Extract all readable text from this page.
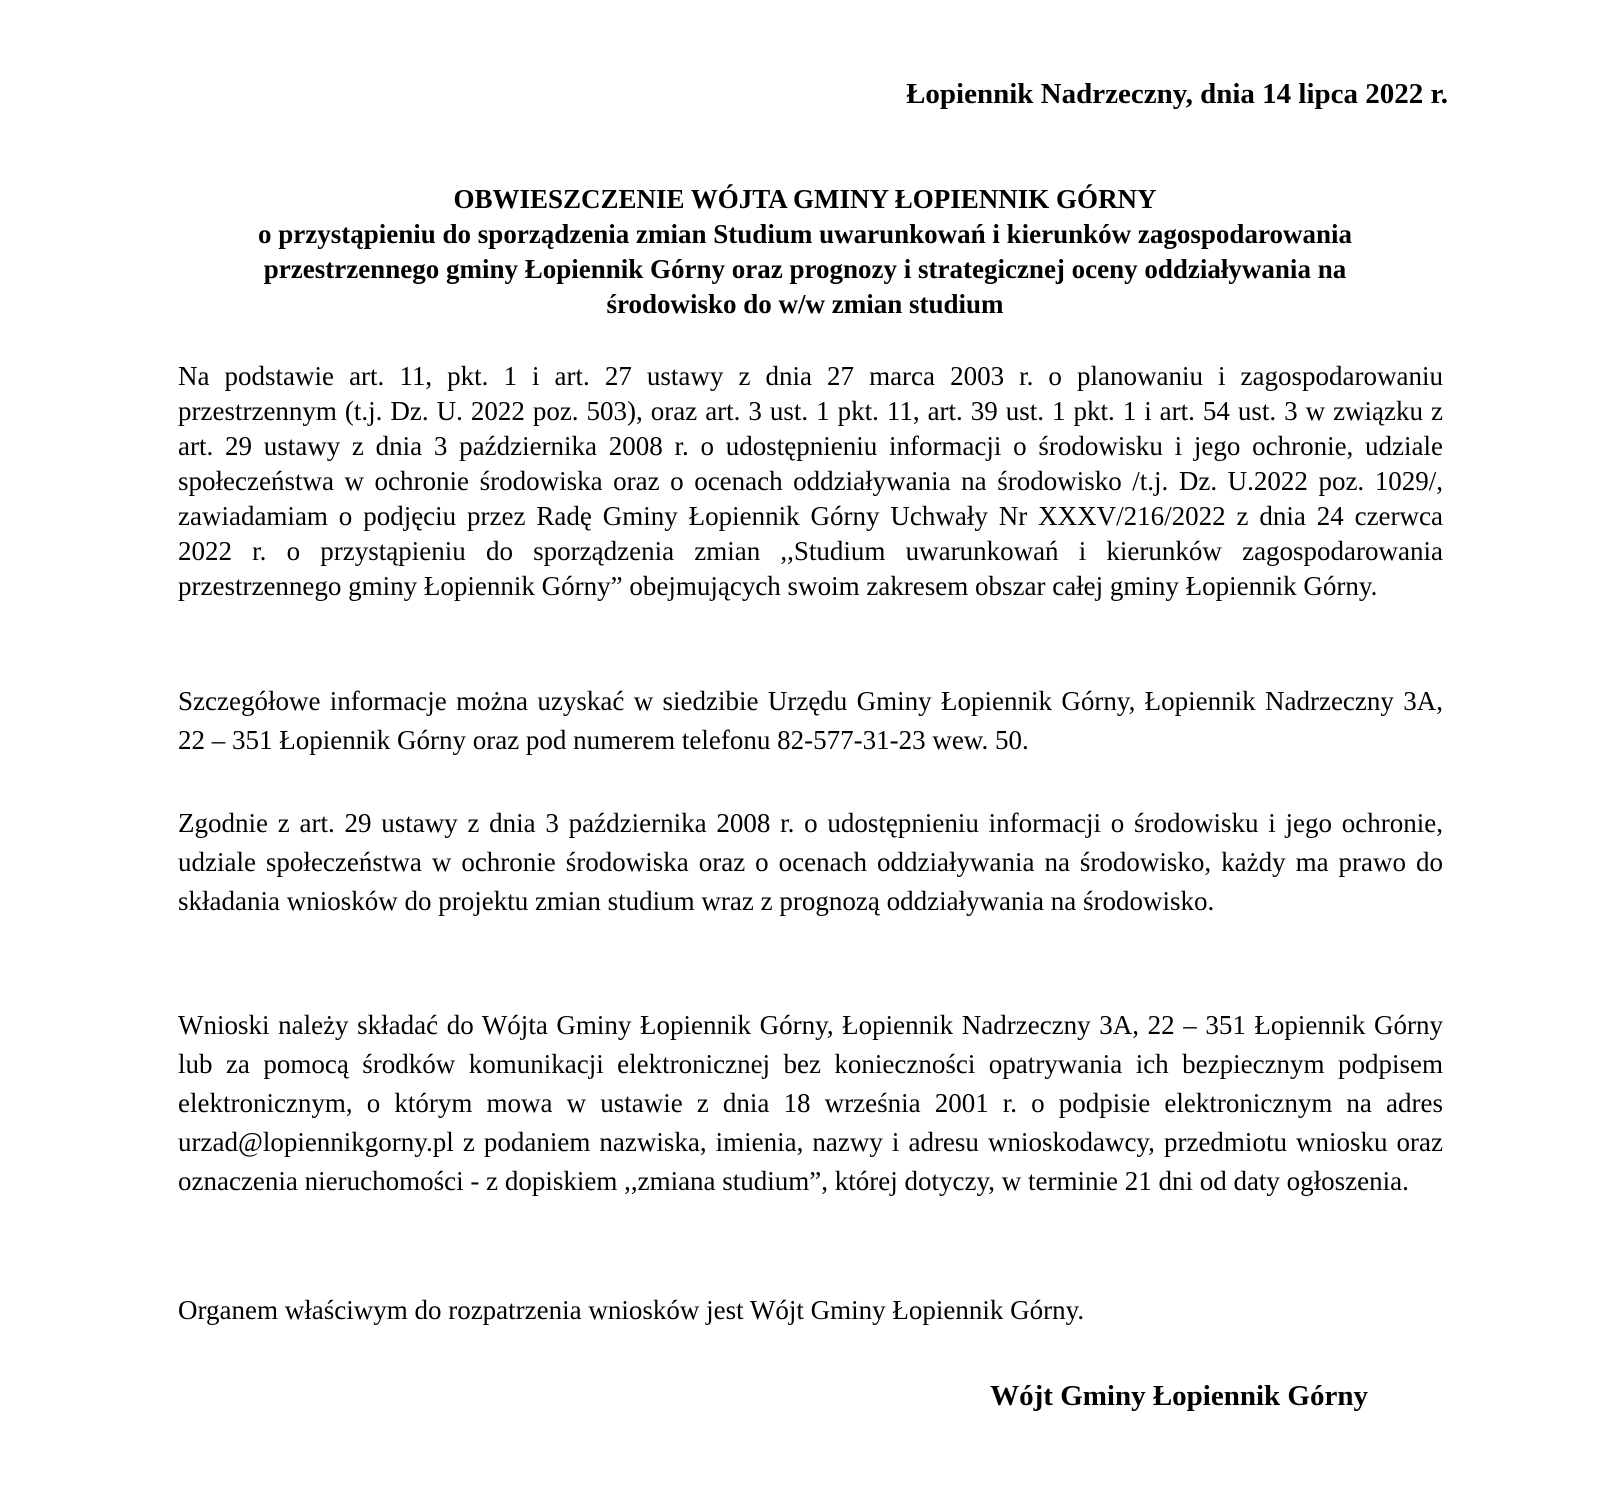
Łopiennik Nadrzeczny, dnia 14 lipca 2022 r.
OBWIESZCZENIE WÓJTA GMINY ŁOPIENNIK GÓRNY
o przystąpieniu do sporządzenia zmian Studium uwarunkowań i kierunków zagospodarowania
przestrzennego gminy Łopiennik Górny oraz prognozy i strategicznej oceny oddziaływania na
środowisko do w/w zmian studium

Na podstawie art. 11, pkt. 1 i art. 27 ustawy z dnia 27 marca 2003 r. o planowaniu i zagospodarowaniu przestrzennym (t.j. Dz. U. 2022 poz. 503), oraz art. 3 ust. 1 pkt. 11, art. 39 ust. 1 pkt. 1 i art. 54 ust. 3 w związku z art. 29 ustawy z dnia 3 października 2008 r. o udostępnieniu informacji o środowisku i jego ochronie, udziale społeczeństwa w ochronie środowiska oraz o ocenach oddziaływania na środowisko /t.j. Dz. U.2022 poz. 1029/, zawiadamiam o podjęciu przez Radę Gminy Łopiennik Górny Uchwały Nr XXXV/216/2022 z dnia 24 czerwca 2022 r. o przystąpieniu do sporządzenia zmian ,,Studium uwarunkowań i kierunków zagospodarowania przestrzennego gminy Łopiennik Górny” obejmujących swoim zakresem obszar całej gminy Łopiennik Górny.

Szczegółowe informacje można uzyskać w siedzibie Urzędu Gminy Łopiennik Górny, Łopiennik Nadrzeczny 3A, 22 – 351 Łopiennik Górny oraz pod numerem telefonu 82-577-31-23 wew. 50.

Zgodnie z art. 29 ustawy z dnia 3 października 2008 r. o udostępnieniu informacji o środowisku i jego ochronie, udziale społeczeństwa w ochronie środowiska oraz o ocenach oddziaływania na środowisko, każdy ma prawo do składania wniosków do projektu zmian studium wraz z prognozą oddziaływania na środowisko.

Wnioski należy składać do Wójta Gminy Łopiennik Górny, Łopiennik Nadrzeczny 3A, 22 – 351 Łopiennik Górny lub za pomocą środków komunikacji elektronicznej bez konieczności opatrywania ich bezpiecznym podpisem elektronicznym, o którym mowa w ustawie z dnia 18 września 2001 r. o podpisie elektronicznym na adres urzad@lopiennikgorny.pl z podaniem nazwiska, imienia, nazwy i adresu wnioskodawcy, przedmiotu wniosku oraz oznaczenia nieruchomości - z dopiskiem ,,zmiana studium”, której dotyczy, w terminie 21 dni od daty ogłoszenia.

Organem właściwym do rozpatrzenia wniosków jest Wójt Gminy Łopiennik Górny.

Wójt Gminy Łopiennik Górny
